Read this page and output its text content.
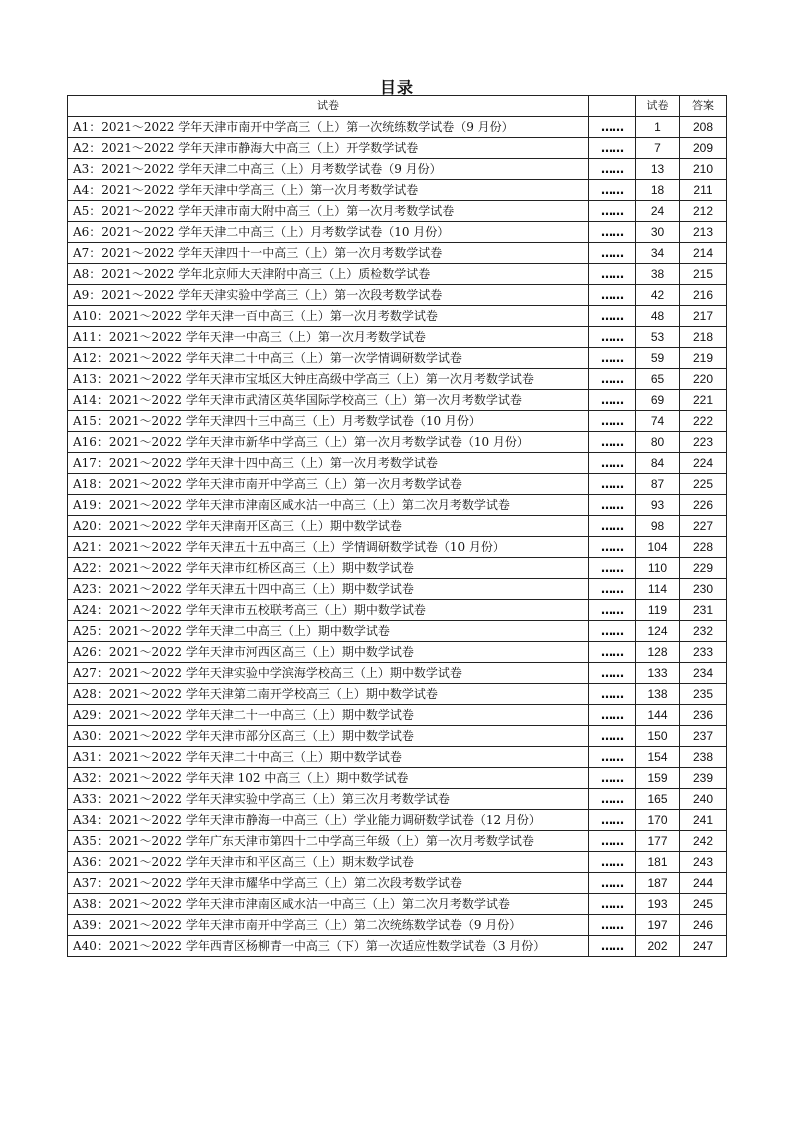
目录
试卷		试卷	答案
A1：2021～2022 学年天津市南开中学高三（上）第一次统练数学试卷（9 月份）	……	1	208
A2：2021～2022 学年天津市静海大中高三（上）开学数学试卷	……	7	209
A3：2021～2022 学年天津二中高三（上）月考数学试卷（9 月份）	……	13	210
A4：2021～2022 学年天津中学高三（上）第一次月考数学试卷	……	18	211
A5：2021～2022 学年天津市南大附中高三（上）第一次月考数学试卷	……	24	212
A6：2021～2022 学年天津二中高三（上）月考数学试卷（10 月份）	……	30	213
A7：2021～2022 学年天津四十一中高三（上）第一次月考数学试卷	……	34	214
A8：2021～2022 学年北京师大天津附中高三（上）质检数学试卷	……	38	215
A9：2021～2022 学年天津实验中学高三（上）第一次段考数学试卷	……	42	216
A10：2021～2022 学年天津一百中高三（上）第一次月考数学试卷	……	48	217
A11：2021～2022 学年天津一中高三（上）第一次月考数学试卷	……	53	218
A12：2021～2022 学年天津二十中高三（上）第一次学情调研数学试卷	……	59	219
A13：2021～2022 学年天津市宝坻区大钟庄高级中学高三（上）第一次月考数学试卷	……	65	220
A14：2021～2022 学年天津市武清区英华国际学校高三（上）第一次月考数学试卷	……	69	221
A15：2021～2022 学年天津四十三中高三（上）月考数学试卷（10 月份）	……	74	222
A16：2021～2022 学年天津市新华中学高三（上）第一次月考数学试卷（10 月份）	……	80	223
A17：2021～2022 学年天津十四中高三（上）第一次月考数学试卷	……	84	224
A18：2021～2022 学年天津市南开中学高三（上）第一次月考数学试卷	……	87	225
A19：2021～2022 学年天津市津南区咸水沽一中高三（上）第二次月考数学试卷	……	93	226
A20：2021～2022 学年天津南开区高三（上）期中数学试卷	……	98	227
A21：2021～2022 学年天津五十五中高三（上）学情调研数学试卷（10 月份）	……	104	228
A22：2021～2022 学年天津市红桥区高三（上）期中数学试卷	……	110	229
A23：2021～2022 学年天津五十四中高三（上）期中数学试卷	……	114	230
A24：2021～2022 学年天津市五校联考高三（上）期中数学试卷	……	119	231
A25：2021～2022 学年天津二中高三（上）期中数学试卷	……	124	232
A26：2021～2022 学年天津市河西区高三（上）期中数学试卷	……	128	233
A27：2021～2022 学年天津实验中学滨海学校高三（上）期中数学试卷	……	133	234
A28：2021～2022 学年天津第二南开学校高三（上）期中数学试卷	……	138	235
A29：2021～2022 学年天津二十一中高三（上）期中数学试卷	……	144	236
A30：2021～2022 学年天津市部分区高三（上）期中数学试卷	……	150	237
A31：2021～2022 学年天津二十中高三（上）期中数学试卷	……	154	238
A32：2021～2022 学年天津 102 中高三（上）期中数学试卷	……	159	239
A33：2021～2022 学年天津实验中学高三（上）第三次月考数学试卷	……	165	240
A34：2021～2022 学年天津市静海一中高三（上）学业能力调研数学试卷（12 月份）	……	170	241
A35：2021～2022 学年广东天津市第四十二中学高三年级（上）第一次月考数学试卷	……	177	242
A36：2021～2022 学年天津市和平区高三（上）期末数学试卷	……	181	243
A37：2021～2022 学年天津市耀华中学高三（上）第二次段考数学试卷	……	187	244
A38：2021～2022 学年天津市津南区咸水沽一中高三（上）第二次月考数学试卷	……	193	245
A39：2021～2022 学年天津市南开中学高三（上）第二次统练数学试卷（9 月份）	……	197	246
A40：2021～2022 学年西青区杨柳青一中高三（下）第一次适应性数学试卷（3 月份）	……	202	247
